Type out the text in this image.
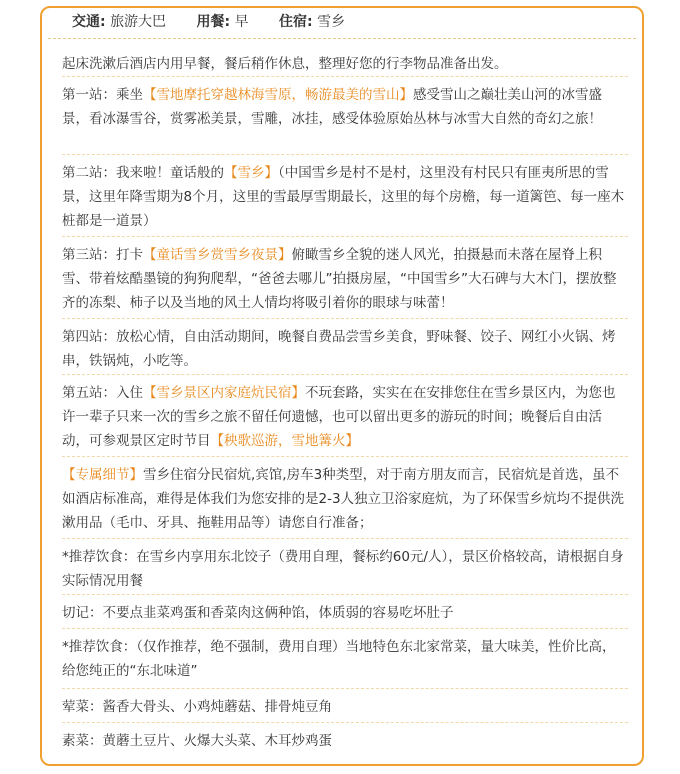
交通: 旅游大巴 用餐: 早 住宿: 雪乡
起床洗漱后酒店内用早餐，餐后稍作休息，整理好您的行李物品准备出发。
第一站：乘坐【雪地摩托穿越林海雪原，畅游最美的雪山】感受雪山之巅壮美山河的冰雪盛景，看冰瀑雪谷，赏雾凇美景，雪雕，冰挂，感受体验原始丛林与冰雪大自然的奇幻之旅！
第二站：我来啦！童话般的【雪乡】（中国雪乡是村不是村，这里没有村民只有匪夷所思的雪景，这里年降雪期为8个月，这里的雪最厚雪期最长，这里的每个房檐，每一道篱笆、每一座木桩都是一道景）
第三站：打卡【童话雪乡赏雪乡夜景】俯瞰雪乡全貌的迷人风光，拍摄悬而未落在屋脊上积雪、带着炫酷墨镜的狗狗爬犁，“爸爸去哪儿”拍摄房屋，“中国雪乡”大石碑与大木门，摆放整齐的冻梨、柿子以及当地的风土人情均将吸引着你的眼球与味蕾！
第四站：放松心情，自由活动期间，晚餐自费品尝雪乡美食，野味餐、饺子、网红小火锅、烤串，铁锅炖，小吃等。
第五站：入住【雪乡景区内家庭炕民宿】不玩套路，实实在在安排您住在雪乡景区内，为您也许一辈子只来一次的雪乡之旅不留任何遗憾，也可以留出更多的游玩的时间；晚餐后自由活动，可参观景区定时节目【秧歌巡游，雪地篝火】
【专属细节】雪乡住宿分民宿炕,宾馆,房车3种类型，对于南方朋友而言，民宿炕是首选，虽不如酒店标准高，难得是体我们为您安排的是2-3人独立卫浴家庭炕，为了环保雪乡炕均不提供洗漱用品（毛巾、牙具、拖鞋用品等）请您自行准备；
*推荐饮食：在雪乡内享用东北饺子（费用自理，餐标约60元/人），景区价格较高，请根据自身实际情况用餐
切记：不要点韭菜鸡蛋和香菜肉这俩种馅，体质弱的容易吃坏肚子
*推荐饮食：（仅作推荐，绝不强制，费用自理）当地特色东北家常菜，量大味美，性价比高，给您纯正的“东北味道”
荤菜：酱香大骨头、小鸡炖蘑菇、排骨炖豆角
素菜：黄蘑土豆片、火爆大头菜、木耳炒鸡蛋
